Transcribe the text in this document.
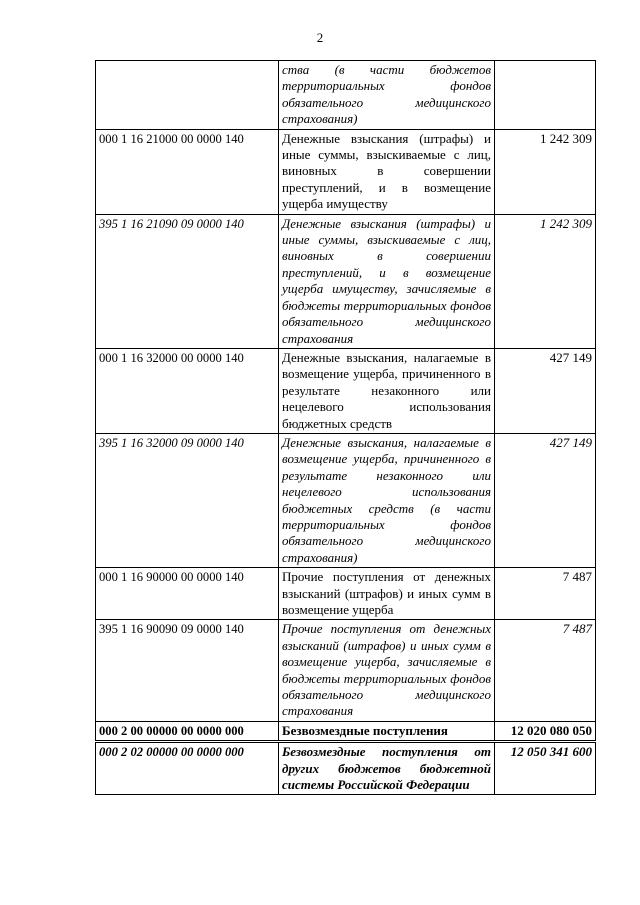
2
	ства (в части бюджетов территориальных фондов обязательного медицинского страхования)	
000 1 16 21000 00 0000 140	Денежные взыскания (штрафы) и иные суммы, взыскиваемые с лиц, виновных в совершении преступлений, и в возмещение ущерба имуществу	1 242 309
395 1 16 21090 09 0000 140	Денежные взыскания (штрафы) и иные суммы, взыскиваемые с лиц, виновных в совершении преступлений, и в возмещение ущерба имуществу, зачисляемые в бюджеты территориальных фондов обязательного медицинского страхования	1 242 309
000 1 16 32000 00 0000 140	Денежные взыскания, налагаемые в возмещение ущерба, причиненного в результате незаконного или нецелевого использования бюджетных средств	427 149
395 1 16 32000 09 0000 140	Денежные взыскания, налагаемые в возмещение ущерба, причиненного в результате незаконного или нецелевого использования бюджетных средств (в части территориальных фондов обязательного медицинского страхования)	427 149
000 1 16 90000 00 0000 140	Прочие поступления от денежных взысканий (штрафов) и иных сумм в возмещение ущерба	7 487
395 1 16 90090 09 0000 140	Прочие поступления от денежных взысканий (штрафов) и иных сумм в возмещение ущерба, зачисляемые в бюджеты территориальных фондов обязательного медицинского страхования	7 487
000 2 00 00000 00 0000 000	Безвозмездные поступления	12 020 080 050
000 2 02 00000 00 0000 000	Безвозмездные поступления от других бюджетов бюджетной системы Российской Федерации	12 050 341 600
